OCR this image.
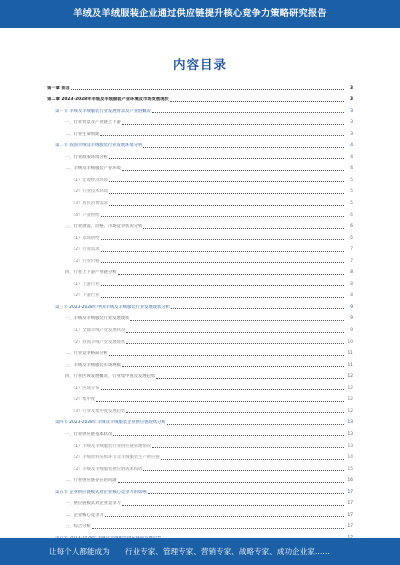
羊绒及羊绒服装企业通过供应链提升核心竞争力策略研究报告
内容目录
第一章 前言	3
第二章 2023-2028年羊绒及羊绒服装产业环境及市场发展现状	3
第一节 羊绒及羊绒服装行业发展背景及产业链概况	3
一、行业背景及产业链上下游	3
二、行业生命周期	3
第二节 我国羊绒及羊绒服装行业发展环境分析	4
一、行业政策环境分析	4
二、羊绒及羊绒服装产业环境	4
（1）宏观经济环境	5
（2）行业技术环境	5
（3）居民消费需求	5
（4）产业供给	6
三、行业供需、价格、市场竞争状况分析	6
（1）市场供给	6
（2）行业需求	7
（3）行业价格	7
四、行业上下游产业链分析	8
（1）上游行业	8
（2）下游行业	8
第三节 2023-2028年中国羊绒及羊绒服装行业发展现状分析	9
一、羊绒及羊绒服装行业发展现状	9
（1）全球羊绒产业发展状况	9
（2）我国羊绒产业发展现状	10
二、行业竞争格局分析	11
三、羊绒及羊绒服装市场规模	11
四、行业区域发展概况、行业集中度及发展趋势	12
（1）区域分布	12
（2）集中度	12
（3）行业及集中度发展趋势	12
第四节 2023-2028年羊绒及羊绒服装企业供应链现状分析	13
一、行业供应链基本状况	13
（1）羊绒及羊绒服装行业供应链管理情况	13
（2）羊绒原料采购环节及羊绒服装生产供应链	14
（3）羊绒及羊绒服装供应链成本构成	15
二、行业供应链存在的问题	16
第五节 企业供应链模式对企业核心竞争力的影响	17
一、供应链模式对企业竞争力	17
二、企业核心竞争力	17
三、综合分析	17
让每个人都能成为 行业专家、管理专家、营销专家、战略专家、成功企业家……
